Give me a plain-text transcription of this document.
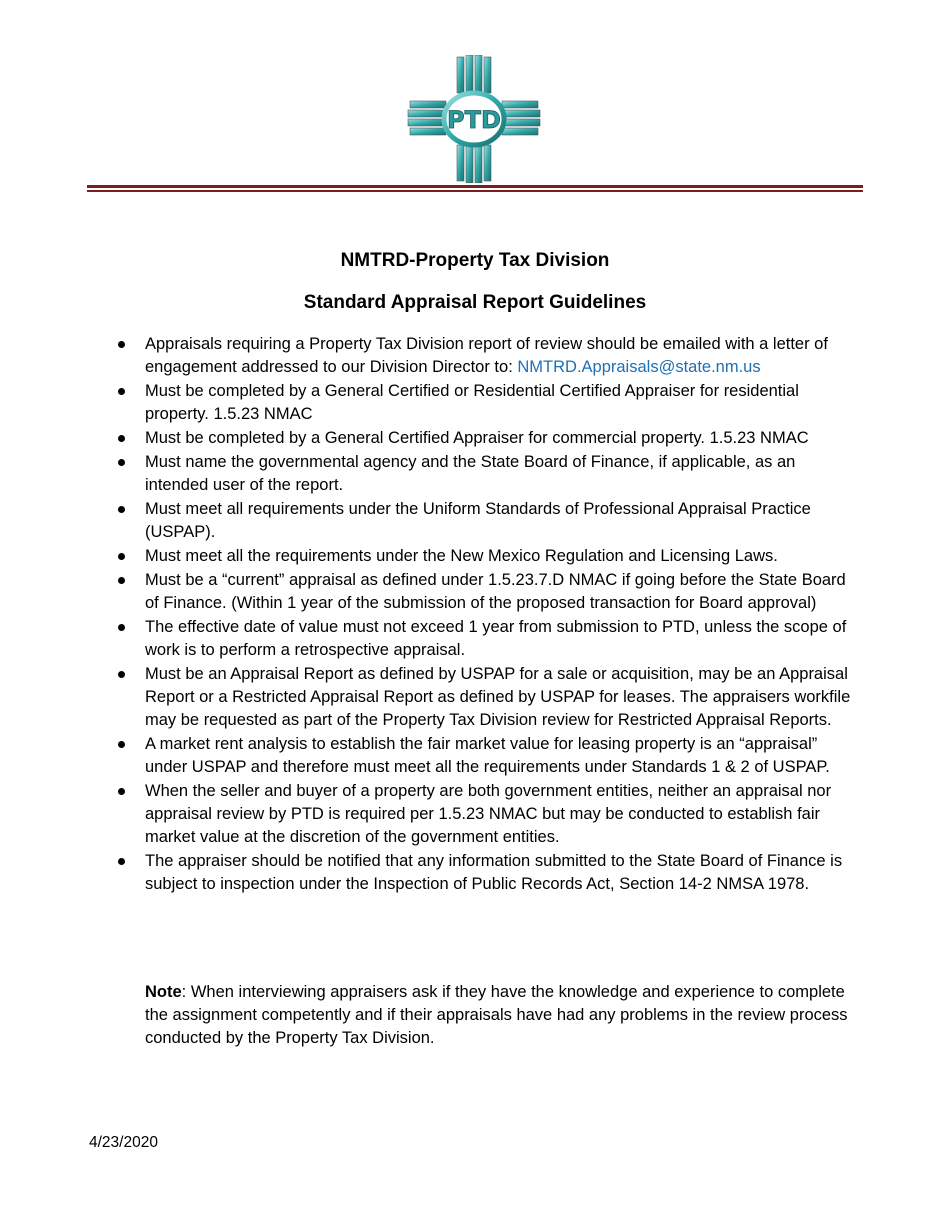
PTD
NMTRD-Property Tax Division
Standard Appraisal Report Guidelines
Appraisals requiring a Property Tax Division report of review should be emailed with a letter of engagement addressed to our Division Director to: NMTRD.Appraisals@state.nm.us
Must be completed by a General Certified or Residential Certified Appraiser for residential property. 1.5.23 NMAC
Must be completed by a General Certified Appraiser for commercial property. 1.5.23 NMAC
Must name the governmental agency and the State Board of Finance, if applicable, as an intended user of the report.
Must meet all requirements under the Uniform Standards of Professional Appraisal Practice (USPAP).
Must meet all the requirements under the New Mexico Regulation and Licensing Laws.
Must be a “current” appraisal as defined under 1.5.23.7.D NMAC if going before the State Board of Finance. (Within 1 year of the submission of the proposed transaction for Board approval)
The effective date of value must not exceed 1 year from submission to PTD, unless the scope of work is to perform a retrospective appraisal.
Must be an Appraisal Report as defined by USPAP for a sale or acquisition, may be an Appraisal Report or a Restricted Appraisal Report as defined by USPAP for leases. The appraisers workfile may be requested as part of the Property Tax Division review for Restricted Appraisal Reports.
A market rent analysis to establish the fair market value for leasing property is an “appraisal” under USPAP and therefore must meet all the requirements under Standards 1 & 2 of USPAP.
When the seller and buyer of a property are both government entities, neither an appraisal nor appraisal review by PTD is required per 1.5.23 NMAC but may be conducted to establish fair market value at the discretion of the government entities.
The appraiser should be notified that any information submitted to the State Board of Finance is subject to inspection under the Inspection of Public Records Act, Section 14-2 NMSA 1978.
Note: When interviewing appraisers ask if they have the knowledge and experience to complete the assignment competently and if their appraisals have had any problems in the review process conducted by the Property Tax Division.
4/23/2020
